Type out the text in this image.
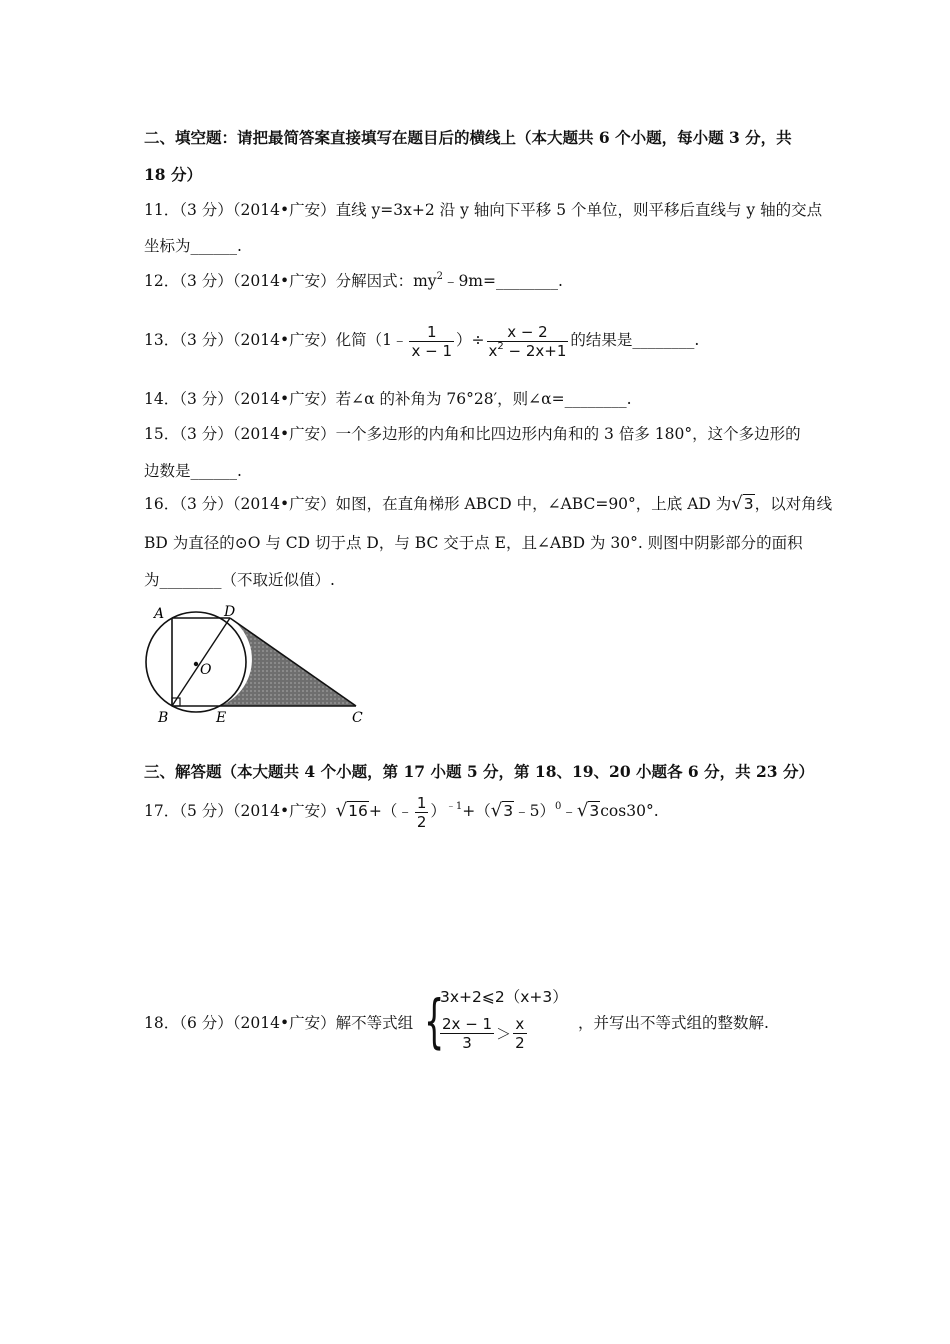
二、填空题：请把最简答案直接填写在题目后的横线上（本大题共 6 个小题，每小题 3 分，共
18 分）
11．（3 分）（2014•广安）直线 y=3x+2 沿 y 轴向下平移 5 个单位，则平移后直线与 y 轴的交点
坐标为______.
12．（3 分）（2014•广安）分解因式：$my^2﹣9m=\_\_\_\_\_\_\_\_$.
13．（3 分）（2014•广安）化简（1﹣ $\frac{1}{x - 1}$ ）÷ $\frac{x - 2}{x^2 - 2x+1}$ 的结果是________.
14．（3 分）（2014•广安）若∠α 的补角为 76°28′，则∠α=________.
15．（3 分）（2014•广安）一个多边形的内角和比四边形内角和的 3 倍多 180°，这个多边形的
边数是______.
16．（3 分）（2014•广安）如图，在直角梯形 ABCD 中，∠ABC=90°，上底 AD 为√3，以对角线
BD 为直径的⊙O 与 CD 切于点 D，与 BC 交于点 E，且∠ABD 为 30°. 则图中阴影部分的面积
为________（不取近似值）.
A	D
O
B	E	C
三、解答题（本大题共 4 个小题，第 17 小题 5 分，第 18、19、20 小题各 6 分，共 23 分）
17．（5 分）（2014•广安）√16+（﹣ $\frac{1}{2}$ ）$^{﹣1}$+（√3﹣5）$^0$﹣√3cos30°.
18．（6 分）（2014•广安）解不等式组 {
3x+2⩽2（x+3）
$\frac{2x - 1}{3} > \frac{x}{2}$	，并写出不等式组的整数解.
